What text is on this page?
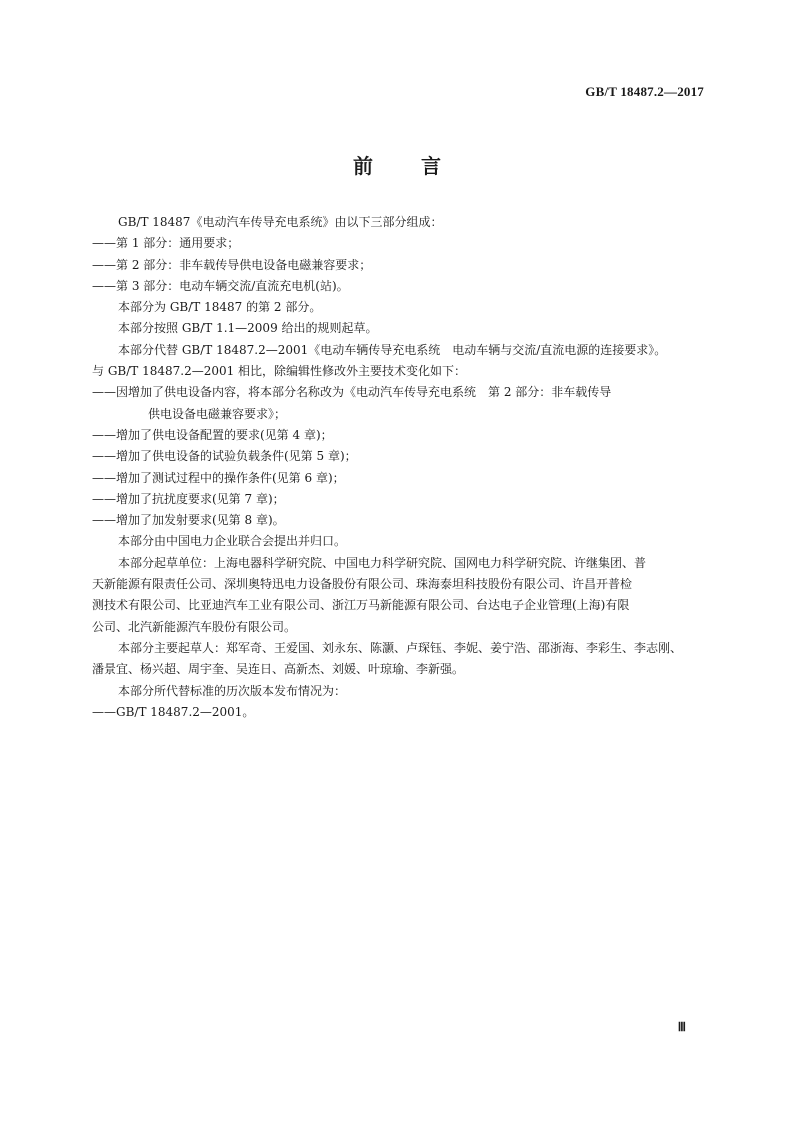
GB/T 18487.2—2017
前 言
GB/T 18487《电动汽车传导充电系统》由以下三部分组成：
——第 1 部分：通用要求；
——第 2 部分：非车载传导供电设备电磁兼容要求；
——第 3 部分：电动车辆交流/直流充电机(站)。
本部分为 GB/T 18487 的第 2 部分。
本部分按照 GB/T 1.1—2009 给出的规则起草。
本部分代替 GB/T 18487.2—2001《电动车辆传导充电系统　电动车辆与交流/直流电源的连接要求》。
与 GB/T 18487.2—2001 相比，除编辑性修改外主要技术变化如下：
——因增加了供电设备内容，将本部分名称改为《电动汽车传导充电系统　第 2 部分：非车载传导
供电设备电磁兼容要求》；
——增加了供电设备配置的要求(见第 4 章)；
——增加了供电设备的试验负载条件(见第 5 章)；
——增加了测试过程中的操作条件(见第 6 章)；
——增加了抗扰度要求(见第 7 章)；
——增加了加发射要求(见第 8 章)。
本部分由中国电力企业联合会提出并归口。
本部分起草单位：上海电器科学研究院、中国电力科学研究院、国网电力科学研究院、许继集团、普
天新能源有限责任公司、深圳奥特迅电力设备股份有限公司、珠海泰坦科技股份有限公司、许昌开普检
测技术有限公司、比亚迪汽车工业有限公司、浙江万马新能源有限公司、台达电子企业管理(上海)有限
公司、北汽新能源汽车股份有限公司。
本部分主要起草人：郑军奇、王爱国、刘永东、陈灏、卢琛钰、李妮、姜宁浩、邵浙海、李彩生、李志刚、
潘景宜、杨兴超、周宇奎、吴连日、高新杰、刘媛、叶琼瑜、李新强。
本部分所代替标准的历次版本发布情况为：
——GB/T 18487.2—2001。
Ⅲ
